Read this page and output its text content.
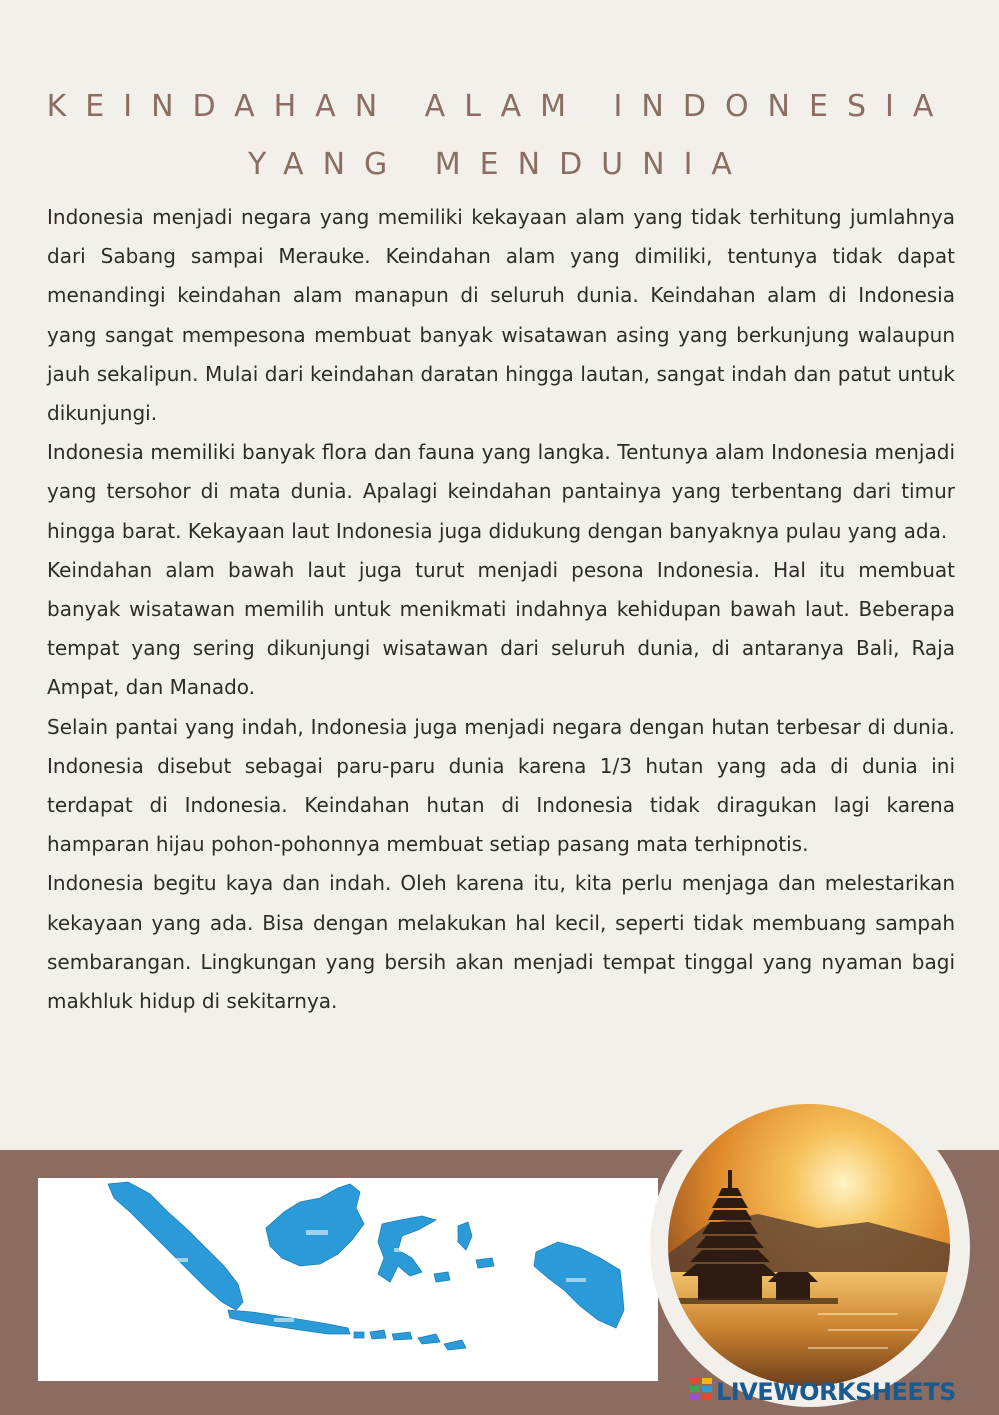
KEINDAHAN ALAM INDONESIA
YANG MENDUNIA

Indonesia menjadi negara yang memiliki kekayaan alam yang tidak terhitung jumlahnya dari Sabang sampai Merauke. Keindahan alam yang dimiliki, tentunya tidak dapat menandingi keindahan alam manapun di seluruh dunia. Keindahan alam di Indonesia yang sangat mempesona membuat banyak wisatawan asing yang berkunjung walaupun jauh sekalipun. Mulai dari keindahan daratan hingga lautan, sangat indah dan patut untuk dikunjungi.

Indonesia memiliki banyak flora dan fauna yang langka. Tentunya alam Indonesia menjadi yang tersohor di mata dunia. Apalagi keindahan pantainya yang terbentang dari timur hingga barat. Kekayaan laut Indonesia juga didukung dengan banyaknya pulau yang ada.

Keindahan alam bawah laut juga turut menjadi pesona Indonesia. Hal itu membuat banyak wisatawan memilih untuk menikmati indahnya kehidupan bawah laut. Beberapa tempat yang sering dikunjungi wisatawan dari seluruh dunia, di antaranya Bali, Raja Ampat, dan Manado.

Selain pantai yang indah, Indonesia juga menjadi negara dengan hutan terbesar di dunia. Indonesia disebut sebagai paru-paru dunia karena 1/3 hutan yang ada di dunia ini terdapat di Indonesia. Keindahan hutan di Indonesia tidak diragukan lagi karena hamparan hijau pohon-pohonnya membuat setiap pasang mata terhipnotis.

Indonesia begitu kaya dan indah. Oleh karena itu, kita perlu menjaga dan melestarikan kekayaan yang ada. Bisa dengan melakukan hal kecil, seperti tidak membuang sampah sembarangan. Lingkungan yang bersih akan menjadi tempat tinggal yang nyaman bagi makhluk hidup di sekitarnya.

LIVEWORKSHEETS
